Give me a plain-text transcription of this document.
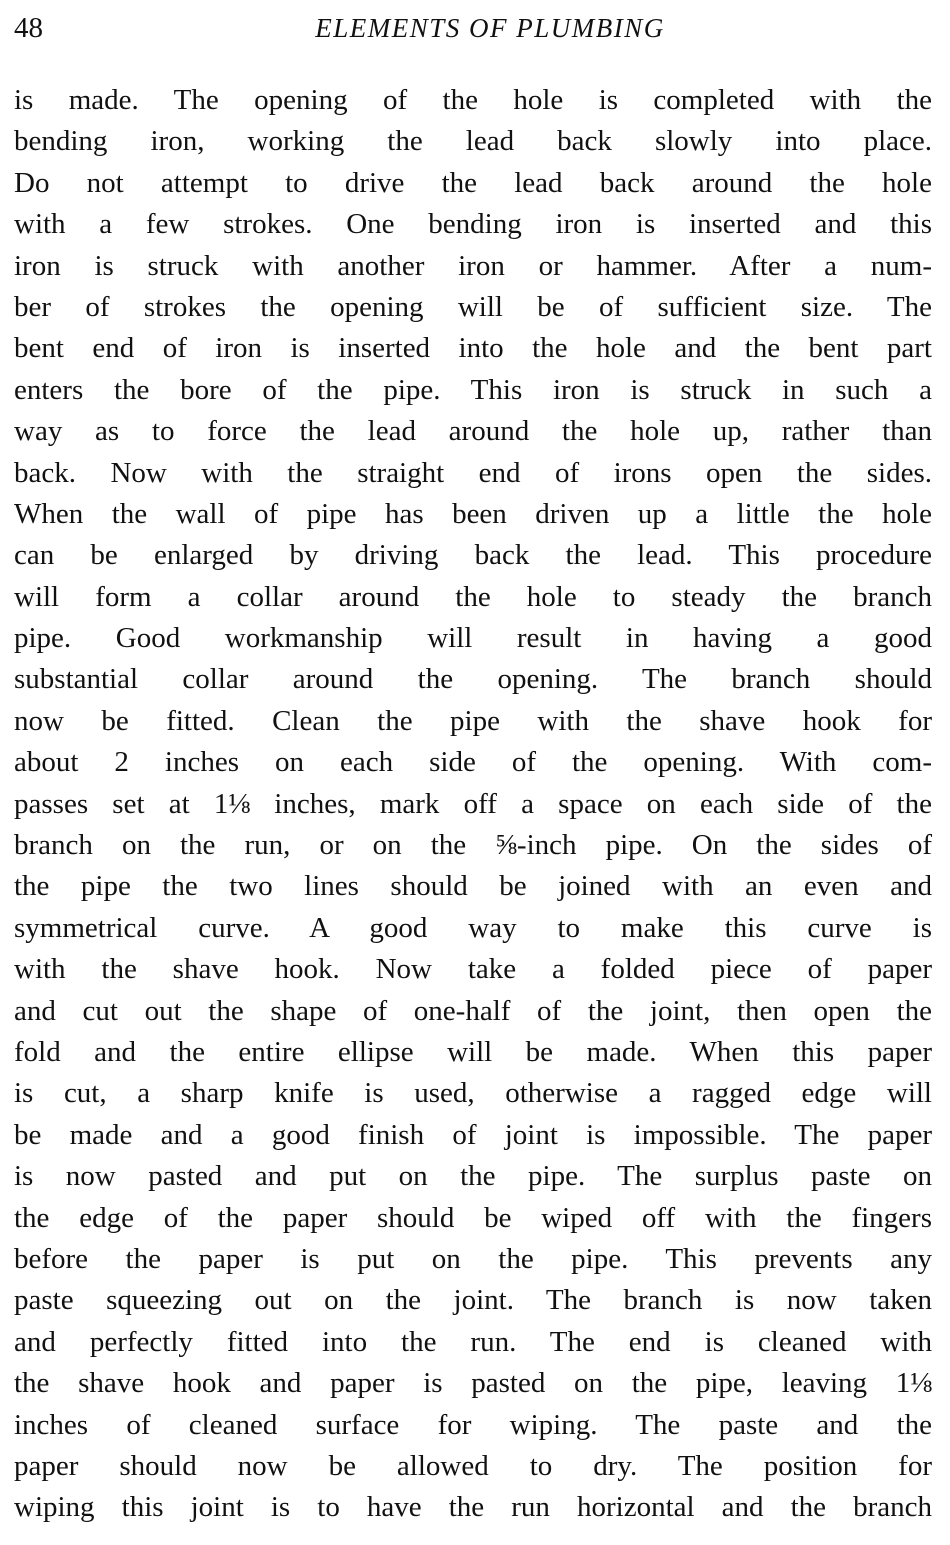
48	ELEMENTS OF PLUMBING
is made. The opening of the hole is completed with the
bending iron, working the lead back slowly into place.
Do not attempt to drive the lead back around the hole
with a few strokes. One bending iron is inserted and this
iron is struck with another iron or hammer. After a num-
ber of strokes the opening will be of sufficient size. The
bent end of iron is inserted into the hole and the bent part
enters the bore of the pipe. This iron is struck in such a
way as to force the lead around the hole up, rather than
back. Now with the straight end of irons open the sides.
When the wall of pipe has been driven up a little the hole
can be enlarged by driving back the lead. This procedure
will form a collar around the hole to steady the branch
pipe. Good workmanship will result in having a good
substantial collar around the opening. The branch should
now be fitted. Clean the pipe with the shave hook for
about 2 inches on each side of the opening. With com-
passes set at 1⅛ inches, mark off a space on each side of the
branch on the run, or on the ⅝-inch pipe. On the sides of
the pipe the two lines should be joined with an even and
symmetrical curve. A good way to make this curve is
with the shave hook. Now take a folded piece of paper
and cut out the shape of one-half of the joint, then open the
fold and the entire ellipse will be made. When this paper
is cut, a sharp knife is used, otherwise a ragged edge will
be made and a good finish of joint is impossible. The paper
is now pasted and put on the pipe. The surplus paste on
the edge of the paper should be wiped off with the fingers
before the paper is put on the pipe. This prevents any
paste squeezing out on the joint. The branch is now taken
and perfectly fitted into the run. The end is cleaned with
the shave hook and paper is pasted on the pipe, leaving 1⅛
inches of cleaned surface for wiping. The paste and the
paper should now be allowed to dry. The position for
wiping this joint is to have the run horizontal and the branch
